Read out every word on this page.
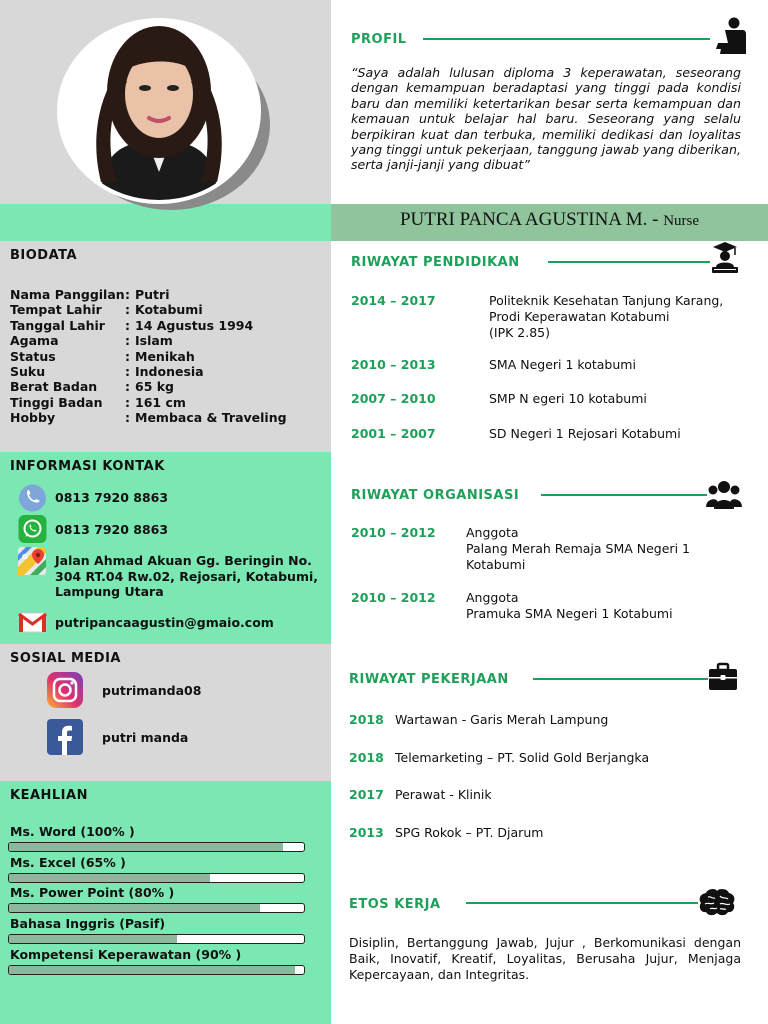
BIODATA
Nama Panggilan : Putri
Tempat Lahir	: Kotabumi
Tanggal Lahir	: 14 Agustus 1994
Agama	: Islam
Status	: Menikah
Suku	: Indonesia
Berat Badan	: 65 kg
Tinggi Badan	: 161 cm
Hobby	: Membaca & Traveling
INFORMASI KONTAK
0813 7920 8863
0813 7920 8863
G Jalan Ahmad Akuan Gg. Beringin No.
304 RT.04 Rw.02, Rejosari, Kotabumi,
Lampung Utara
putripancaagustin@gmaio.com
SOSIAL MEDIA
putrimanda08
putri manda
KEAHLIAN
Ms. Word (100% )
Ms. Excel (65% )
Ms. Power Point (80% )
Bahasa Inggris (Pasif)
Kompetensi Keperawatan (90% )
PROFIL
“Saya adalah lulusan diploma 3 keperawatan, seseorang dengan kemampuan beradaptasi yang tinggi pada kondisi baru dan memiliki ketertarikan besar serta kemampuan dan kemauan untuk belajar hal baru. Seseorang yang selalu berpikiran kuat dan terbuka, memiliki dedikasi dan loyalitas yang tinggi untuk pekerjaan, tanggung jawab yang diberikan, serta janji-janji yang dibuat”
PUTRI PANCA AGUSTINA M. - Nurse
RIWAYAT PENDIDIKAN
2014 – 2017	Politeknik Kesehatan Tanjung Karang,
Prodi Keperawatan Kotabumi
(IPK 2.85)
2010 – 2013	SMA Negeri 1 kotabumi
2007 – 2010	SMP N egeri 10 kotabumi
2001 – 2007	SD Negeri 1 Rejosari Kotabumi
RIWAYAT ORGANISASI
2010 – 2012 Anggota
Palang Merah Remaja SMA Negeri 1
Kotabumi
2010 – 2012 Anggota
Pramuka SMA Negeri 1 Kotabumi
RIWAYAT PEKERJAAN
2018 Wartawan - Garis Merah Lampung
2018 Telemarketing – PT. Solid Gold Berjangka
2017 Perawat - Klinik
2013 SPG Rokok – PT. Djarum
ETOS KERJA
Disiplin, Bertanggung Jawab, Jujur , Berkomunikasi dengan Baik, Inovatif, Kreatif, Loyalitas, Berusaha Jujur, Menjaga Kepercayaan, dan Integritas.
